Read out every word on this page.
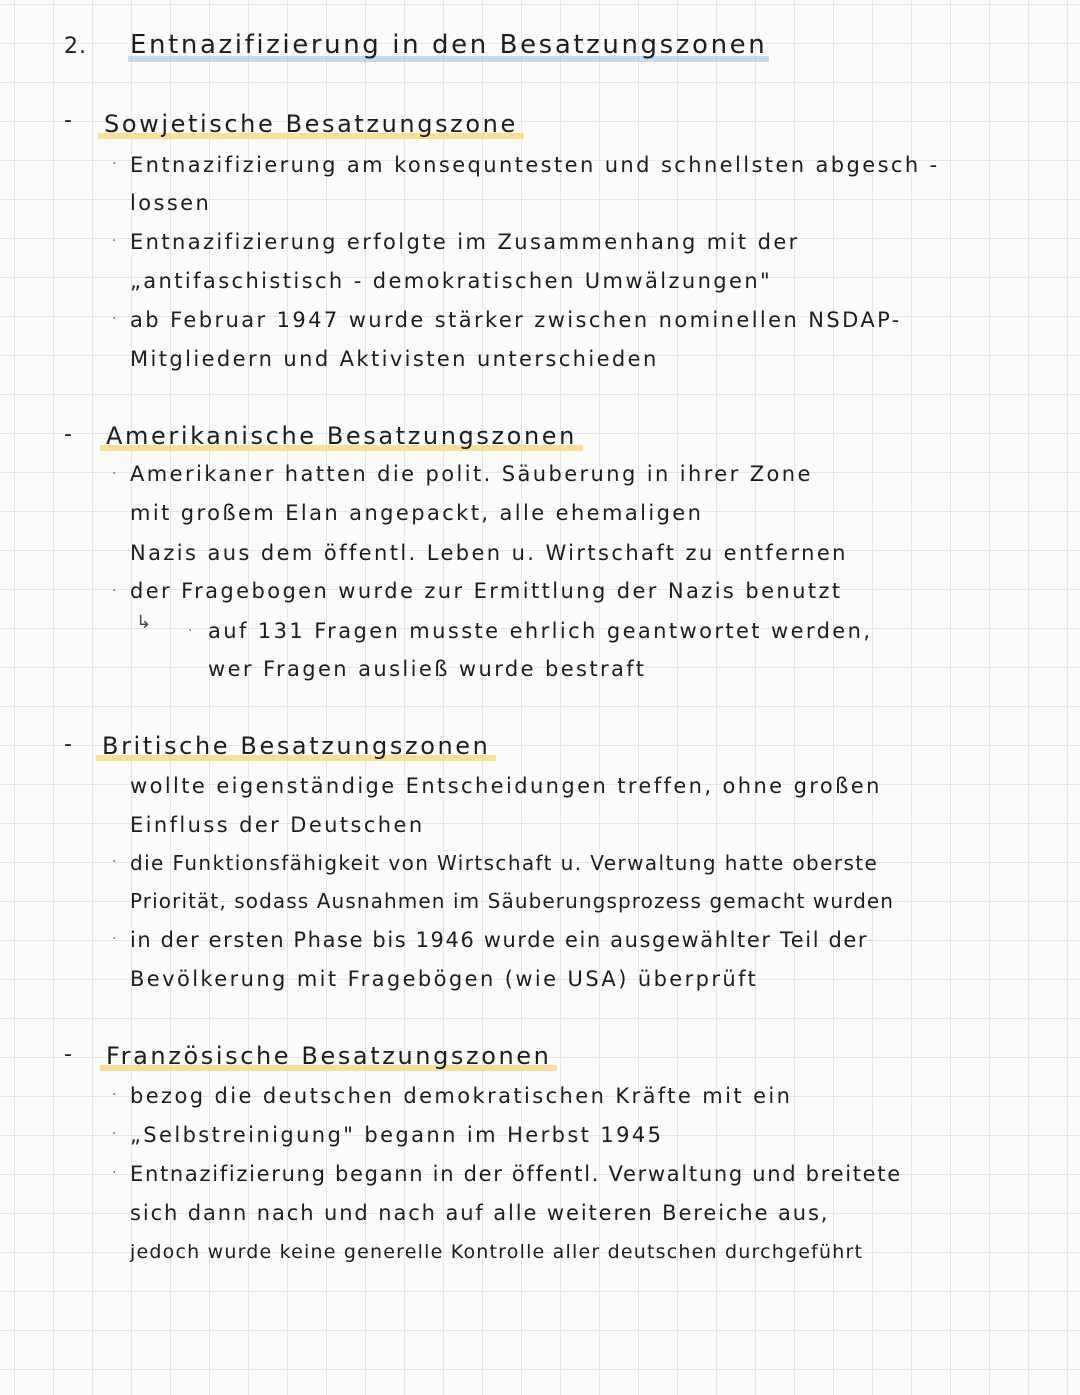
2. Entnazifizierung in den Besatzungszonen
- Sowjetische Besatzungszone
· Entnazifizierung am konsequntesten und schnellsten abgesch -
lossen
· Entnazifizierung erfolgte im Zusammenhang mit der
„antifaschistisch - demokratischen Umwälzungen"
· ab Februar 1947 wurde stärker zwischen nominellen NSDAP-
Mitgliedern und Aktivisten unterschieden
- Amerikanische Besatzungszonen
· Amerikaner hatten die polit. Säuberung in ihrer Zone
mit großem Elan angepackt, alle ehemaligen
Nazis aus dem öffentl. Leben u. Wirtschaft zu entfernen
· der Fragebogen wurde zur Ermittlung der Nazis benutzt
↳	· auf 131 Fragen musste ehrlich geantwortet werden,
wer Fragen ausließ wurde bestraft
- Britische Besatzungszonen
wollte eigenständige Entscheidungen treffen, ohne großen
Einfluss der Deutschen
· die Funktionsfähigkeit von Wirtschaft u. Verwaltung hatte oberste
Priorität, sodass Ausnahmen im Säuberungsprozess gemacht wurden
· in der ersten Phase bis 1946 wurde ein ausgewählter Teil der
Bevölkerung mit Fragebögen (wie USA) überprüft
- Französische Besatzungszonen
· bezog die deutschen demokratischen Kräfte mit ein
· „Selbstreinigung" begann im Herbst 1945
· Entnazifizierung begann in der öffentl. Verwaltung und breitete
sich dann nach und nach auf alle weiteren Bereiche aus,
jedoch wurde keine generelle Kontrolle aller deutschen durchgeführt
